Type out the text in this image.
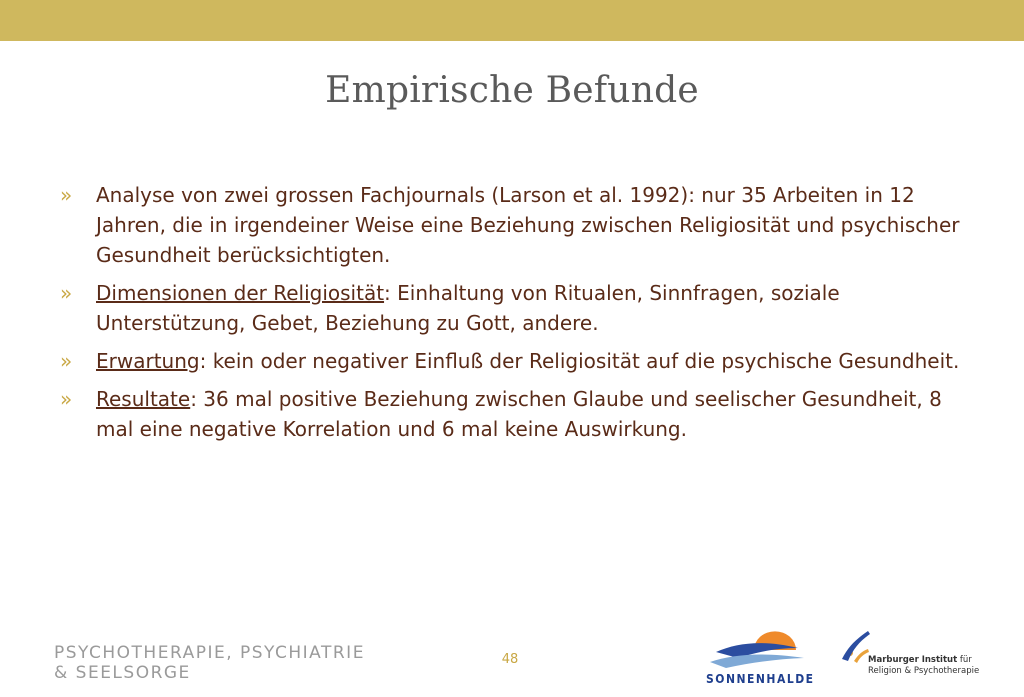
Empirische Befunde
» Analyse von zwei grossen Fachjournals (Larson et al. 1992): nur 35 Arbeiten in 12 Jahren, die in irgendeiner Weise eine Beziehung zwischen Religiosität und psychischer Gesundheit berücksichtigten.
» Dimensionen der Religiosität: Einhaltung von Ritualen, Sinnfragen, soziale Unterstützung, Gebet, Beziehung zu Gott, andere.
» Erwartung: kein oder negativer Einfluß der Religiosität auf die psychische Gesundheit.
» Resultate: 36 mal positive Beziehung zwischen Glaube und seelischer Gesundheit, 8 mal eine negative Korrelation und 6 mal keine Auswirkung.
PSYCHOTHERAPIE, PSYCHIATRIE
& SEELSORGE
48
SONNENHALDE
Marburger Institut für
Religion & Psychotherapie
